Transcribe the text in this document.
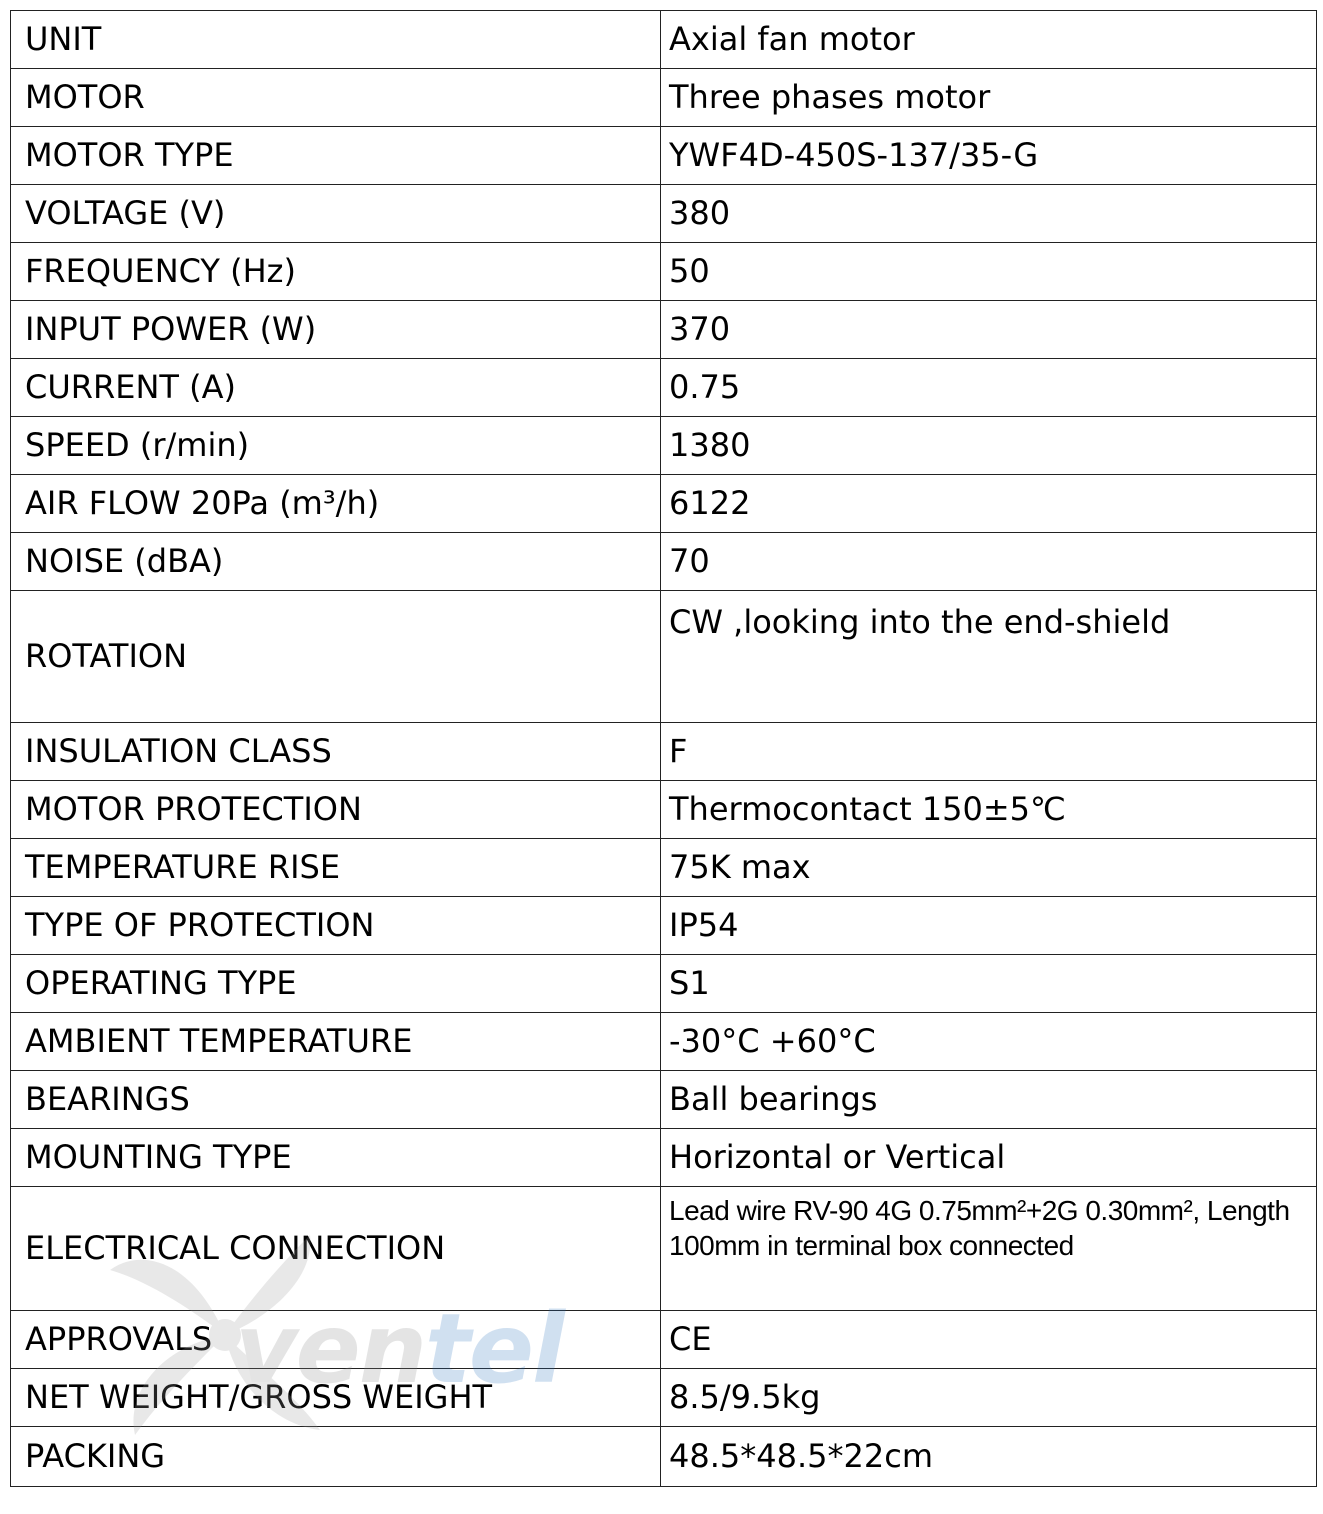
UNIT	Axial fan motor
MOTOR	Three phases motor
MOTOR TYPE	YWF4D-450S-137/35-G
VOLTAGE (V)	380
FREQUENCY (Hz)	50
INPUT POWER (W)	370
CURRENT (A)	0.75
SPEED (r/min)	1380
AIR FLOW 20Pa (m³/h)	6122
NOISE (dBA)	70
ROTATION	CW ,looking into the end-shield
INSULATION CLASS	F
MOTOR PROTECTION	Thermocontact 150±5℃
TEMPERATURE RISE	75K max
TYPE OF PROTECTION	IP54
OPERATING TYPE	S1
AMBIENT TEMPERATURE	-30°C +60°C
BEARINGS	Ball bearings
MOUNTING TYPE	Horizontal or Vertical
ELECTRICAL CONNECTION	Lead wire RV-90 4G 0.75mm²+2G 0.30mm², Length 100mm in terminal box connected
APPROVALS	CE
NET WEIGHT/GROSS WEIGHT	8.5/9.5kg
PACKING	48.5*48.5*22cm
ventel
